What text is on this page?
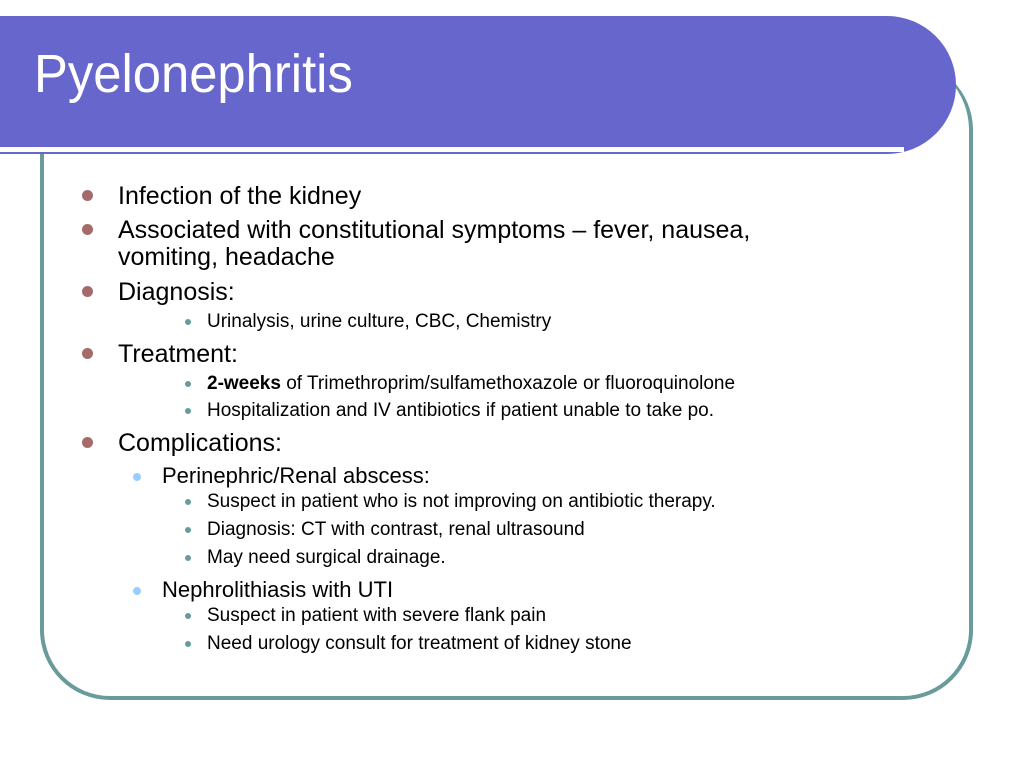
Pyelonephritis
Infection of the kidney
Associated with constitutional symptoms – fever, nausea,
vomiting, headache
Diagnosis:
Urinalysis, urine culture, CBC, Chemistry
Treatment:
2-weeks of Trimethroprim/sulfamethoxazole or fluoroquinolone
Hospitalization and IV antibiotics if patient unable to take po.
Complications:
Perinephric/Renal abscess:
Suspect in patient who is not improving on antibiotic therapy.
Diagnosis: CT with contrast, renal ultrasound
May need surgical drainage.
Nephrolithiasis with UTI
Suspect in patient with severe flank pain
Need urology consult for treatment of kidney stone
